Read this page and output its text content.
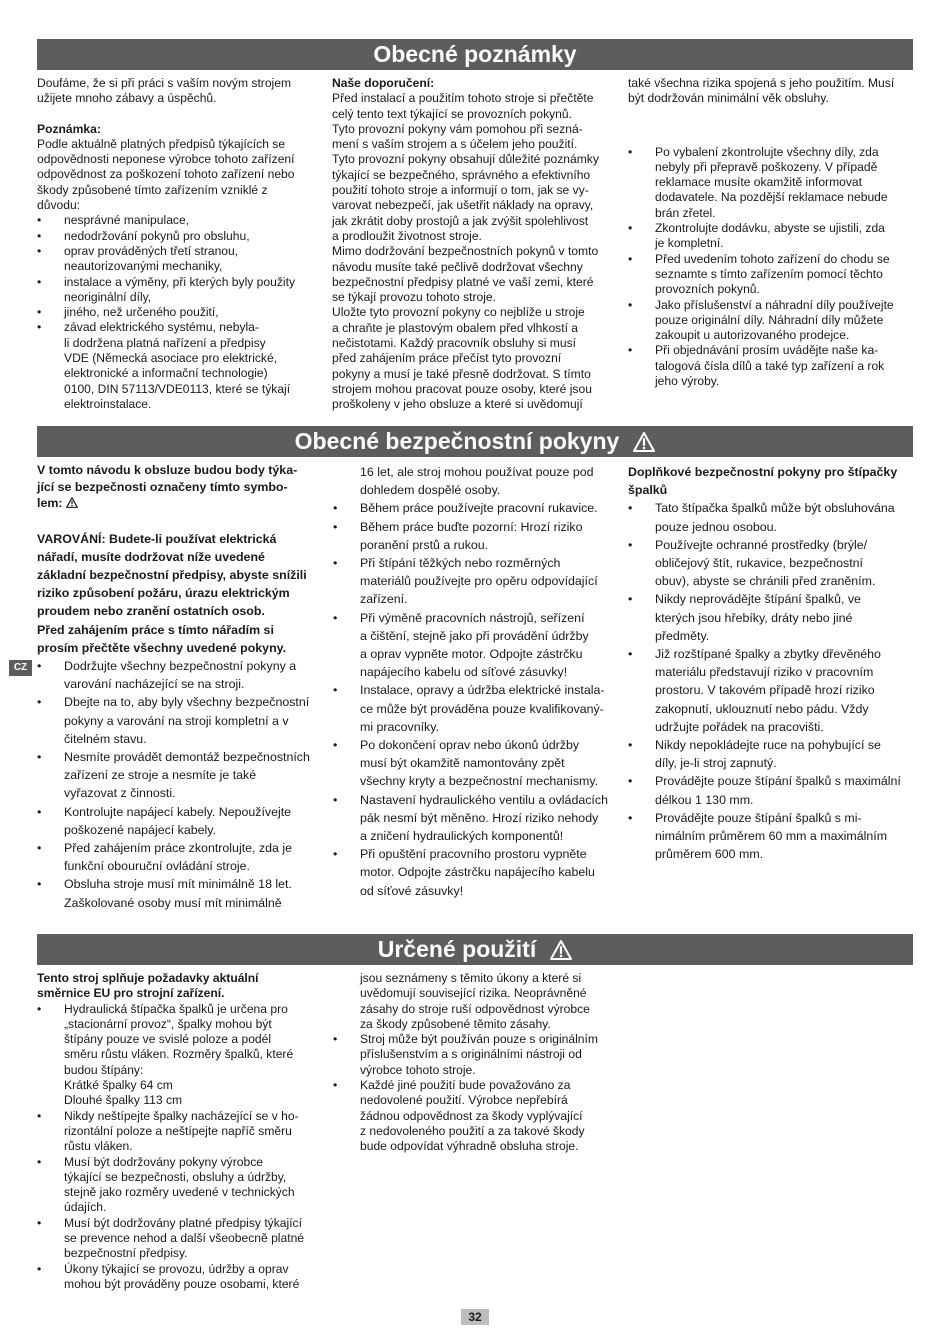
Obecné poznámky
Doufáme, že si při práci s vaším novým strojem
užijete mnoho zábavy a úspěchů.

Poznámka:

Podle aktuálně platných předpisů týkajících se
odpovědnosti neponese výrobce tohoto zařízení
odpovědnost za poškození tohoto zařízení nebo
škody způsobené tímto zařízením vzniklé z
důvodu:
• nesprávné manipulace,
• nedodržování pokynů pro obsluhu,
• oprav prováděných třetí stranou,
neautorizovanými mechaniky,
• instalace a výměny, při kterých byly použity
neoriginální díly,
• jiného, než určeného použití,
• závad elektrického systému, nebyla-
li dodržena platná nařízení a předpisy
VDE (Německá asociace pro elektrické,
elektronické a informační technologie)
0100, DIN 57113/VDE0113, které se týkají
elektroinstalace.

Naše doporučení:

Před instalací a použitím tohoto stroje si přečtěte
celý tento text týkající se provozních pokynů.
Tyto provozní pokyny vám pomohou při sezná-
mení s vaším strojem a s účelem jeho použití.
Tyto provozní pokyny obsahují důležité poznámky
týkající se bezpečného, správného a efektivního
použití tohoto stroje a informují o tom, jak se vy-
varovat nebezpečí, jak ušetřit náklady na opravy,
jak zkrátit doby prostojů a jak zvýšit spolehlivost
a prodloužit životnost stroje.
Mimo dodržování bezpečnostních pokynů v tomto
návodu musíte také pečlivě dodržovat všechny
bezpečnostní předpisy platné ve vaší zemi, které
se týkají provozu tohoto stroje.
Uložte tyto provozní pokyny co nejblíže u stroje
a chraňte je plastovým obalem před vlhkostí a
nečistotami. Každý pracovník obsluhy si musí
před zahájením práce přečíst tyto provozní
pokyny a musí je také přesně dodržovat. S tímto
strojem mohou pracovat pouze osoby, které jsou
proškoleny v jeho obsluze a které si uvědomují
také všechna rizika spojená s jeho použitím. Musí
být dodržován minimální věk obsluhy.
• Po vybalení zkontrolujte všechny díly, zda
nebyly při přepravě poškozeny. V případě
reklamace musíte okamžitě informovat
dodavatele. Na pozdější reklamace nebude
brán zřetel.
• Zkontrolujte dodávku, abyste se ujistili, zda
je kompletní.
• Před uvedením tohoto zařízení do chodu se
seznamte s tímto zařízením pomocí těchto
provozních pokynů.
• Jako příslušenství a náhradní díly používejte
pouze originální díly. Náhradní díly můžete
zakoupit u autorizovaného prodejce.
• Při objednávání prosím uvádějte naše ka-
talogová čísla dílů a také typ zařízení a rok
jeho výroby.
Obecné bezpečnostní pokyny
CZ
V tomto návodu k obsluze budou body týka-
jící se bezpečnosti označeny tímto symbo-
lem:
VAROVÁNÍ: Budete-li používat elektrická
nářadí, musíte dodržovat níže uvedené
základní bezpečnostní předpisy, abyste snížili
riziko způsobení požáru, úrazu elektrickým
proudem nebo zranění ostatních osob.
Před zahájením práce s tímto nářadím si
prosím přečtěte všechny uvedené pokyny.
• Dodržujte všechny bezpečnostní pokyny a
varování nacházející se na stroji.
• Dbejte na to, aby byly všechny bezpečnostní
pokyny a varování na stroji kompletní a v
čitelném stavu.
• Nesmíte provádět demontáž bezpečnostních
zařízení ze stroje a nesmíte je také
vyřazovat z činnosti.
• Kontrolujte napájecí kabely. Nepoužívejte
poškozené napájecí kabely.
• Před zahájením práce zkontrolujte, zda je
funkční obouruční ovládání stroje.
• Obsluha stroje musí mít minimálně 18 let.
Zaškolované osoby musí mít minimálně
16 let, ale stroj mohou používat pouze pod
dohledem dospělé osoby.
• Během práce používejte pracovní rukavice.
• Během práce buďte pozorní: Hrozí riziko
poranění prstů a rukou.
• Při štípání těžkých nebo rozměrných
materiálů používejte pro opěru odpovídající
zařízení.
• Při výměně pracovních nástrojů, seřízení
a čištění, stejně jako při provádění údržby
a oprav vypněte motor. Odpojte zástrčku
napájecího kabelu od síťové zásuvky!
• Instalace, opravy a údržba elektrické instala-
ce může být prováděna pouze kvalifikovaný-
mi pracovníky.
• Po dokončení oprav nebo úkonů údržby
musí být okamžitě namontovány zpět
všechny kryty a bezpečnostní mechanismy.
• Nastavení hydraulického ventilu a ovládacích
pák nesmí být měněno. Hrozí riziko nehody
a zničení hydraulických komponentů!
• Při opuštění pracovního prostoru vypněte
motor. Odpojte zástrčku napájecího kabelu
od síťové zásuvky!
Doplňkové bezpečnostní pokyny pro štípačky
špalků
• Tato štípačka špalků může být obsluhována
pouze jednou osobou.
• Používejte ochranné prostředky (brýle/
obličejový štít, rukavice, bezpečnostní
obuv), abyste se chránili před zraněním.
• Nikdy neprovádějte štípání špalků, ve
kterých jsou hřebíky, dráty nebo jiné
předměty.
• Již rozštípané špalky a zbytky dřevěného
materiálu představují riziko v pracovním
prostoru. V takovém případě hrozí riziko
zakopnutí, uklouznutí nebo pádu. Vždy
udržujte pořádek na pracovišti.
• Nikdy nepokládejte ruce na pohybující se
díly, je-li stroj zapnutý.
• Provádějte pouze štípání špalků s maximální
délkou 1 130 mm.
• Provádějte pouze štípání špalků s mi-
nimálním průměrem 60 mm a maximálním
průměrem 600 mm.
Určené použití
Tento stroj splňuje požadavky aktuální
směrnice EU pro strojní zařízení.
• Hydraulická štípačka špalků je určena pro
„stacionární provoz“, špalky mohou být
štípány pouze ve svislé poloze a podél
směru růstu vláken. Rozměry špalků, které
budou štípány:
Krátké špalky 64 cm
Dlouhé špalky 113 cm
• Nikdy neštípejte špalky nacházející se v ho-
rizontální poloze a neštípejte napříč směru
růstu vláken.
• Musí být dodržovány pokyny výrobce
týkající se bezpečnosti, obsluhy a údržby,
stejně jako rozměry uvedené v technických
údajích.
• Musí být dodržovány platné předpisy týkající
se prevence nehod a další všeobecně platné
bezpečnostní předpisy.
• Úkony týkající se provozu, údržby a oprav
mohou být prováděny pouze osobami, které
jsou seznámeny s těmito úkony a které si
uvědomují související rizika. Neoprávněné
zásahy do stroje ruší odpovědnost výrobce
za škody způsobené těmito zásahy.
• Stroj může být používán pouze s originálním
příslušenstvím a s originálními nástroji od
výrobce tohoto stroje.
• Každé jiné použití bude považováno za
nedovolené použití. Výrobce nepřebírá
žádnou odpovědnost za škody vyplývající
z nedovoleného použití a za takové škody
bude odpovídat výhradně obsluha stroje.
32
